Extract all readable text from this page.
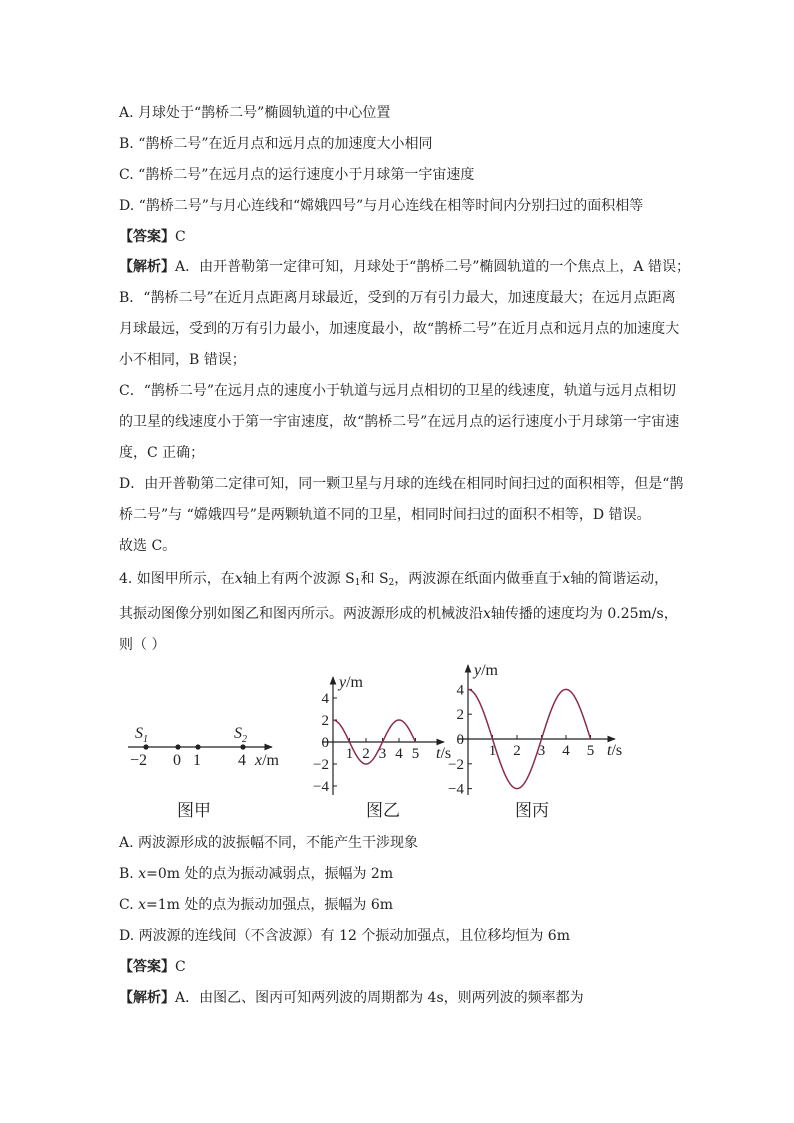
A. 月球处于“鹊桥二号”椭圆轨道的中心位置
B. “鹊桥二号”在近月点和远月点的加速度大小相同
C. “鹊桥二号”在远月点的运行速度小于月球第一宇宙速度
D. “鹊桥二号”与月心连线和“嫦娥四号”与月心连线在相等时间内分别扫过的面积相等
【答案】C
【解析】A．由开普勒第一定律可知，月球处于“鹊桥二号”椭圆轨道的一个焦点上，A 错误；
B．“鹊桥二号”在近月点距离月球最近，受到的万有引力最大，加速度最大；在远月点距离
月球最远，受到的万有引力最小，加速度最小，故“鹊桥二号”在近月点和远月点的加速度大
小不相同，B 错误；
C．“鹊桥二号”在远月点的速度小于轨道与远月点相切的卫星的线速度，轨道与远月点相切
的卫星的线速度小于第一宇宙速度，故“鹊桥二号”在远月点的运行速度小于月球第一宇宙速
度，C 正确；
D．由开普勒第二定律可知，同一颗卫星与月球的连线在相同时间扫过的面积相等，但是“鹊
桥二号”与 “嫦娥四号”是两颗轨道不同的卫星，相同时间扫过的面积不相等，D 错误。
故选 C。
4. 如图甲所示，在x轴上有两个波源 $S_1$和 $S_2$，两波源在纸面内做垂直于x轴的简谐运动，
其振动图像分别如图乙和图丙所示。两波源形成的机械波沿x轴传播的速度均为 0.25m/s，
则（ ）
$S_1$	$S_2$
−2 0 1 4 x/m
图甲
y/m
t/s
4
2
0
−2
−4
1 2 3 4 5
图乙
y/m
t/s
4
2
0
−2
−4
1 2 3 4 5
图丙
A. 两波源形成的波振幅不同，不能产生干涉现象
B. x=0m 处的点为振动减弱点，振幅为 2m
C. x=1m 处的点为振动加强点，振幅为 6m
D. 两波源的连线间（不含波源）有 12 个振动加强点，且位移均恒为 6m
【答案】C
【解析】A．由图乙、图丙可知两列波的周期都为 4s，则两列波的频率都为
